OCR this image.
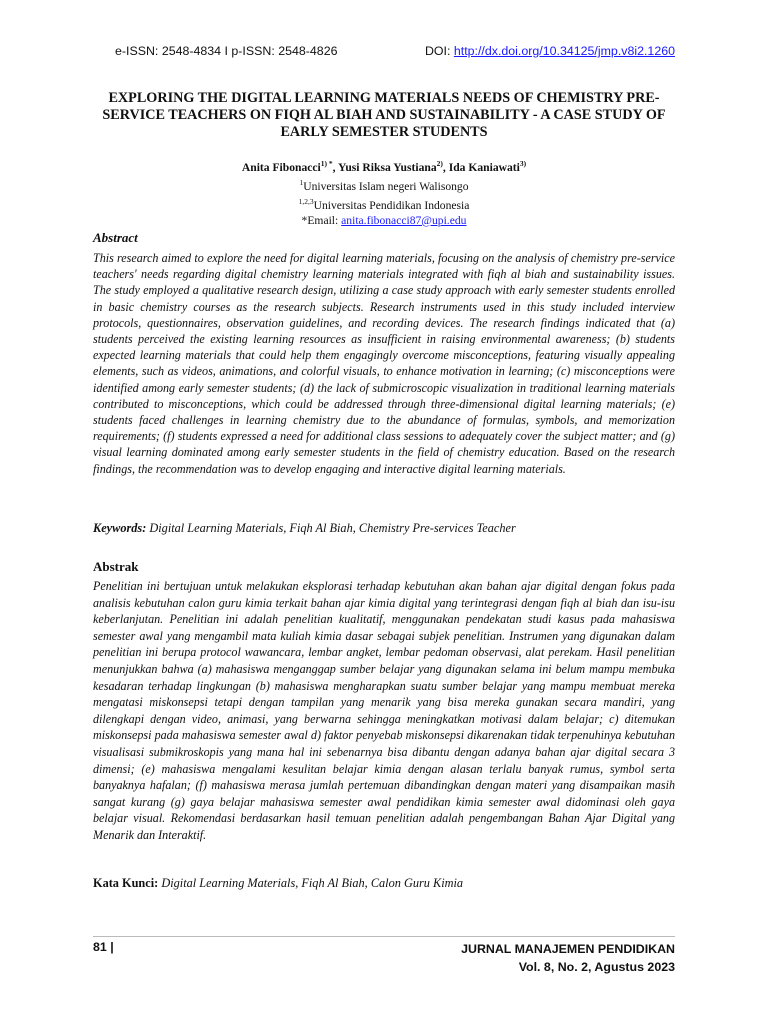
e-ISSN: 2548-4834 I p-ISSN: 2548-4826	DOI: http://dx.doi.org/10.34125/jmp.v8i2.1260
EXPLORING THE DIGITAL LEARNING MATERIALS NEEDS OF CHEMISTRY PRE-SERVICE TEACHERS ON FIQH AL BIAH AND SUSTAINABILITY - A CASE STUDY OF EARLY SEMESTER STUDENTS
Anita Fibonacci$^{1) *}$, Yusi Riksa Yustiana$^{2)}$, Ida Kaniawati$^{3)}$
$^1$Universitas Islam negeri Walisongo
$^{1,2,3}$Universitas Pendidikan Indonesia
*Email: anita.fibonacci87@upi.edu
Abstract
This research aimed to explore the need for digital learning materials, focusing on the analysis of chemistry pre-service teachers' needs regarding digital chemistry learning materials integrated with fiqh al biah and sustainability issues. The study employed a qualitative research design, utilizing a case study approach with early semester students enrolled in basic chemistry courses as the research subjects. Research instruments used in this study included interview protocols, questionnaires, observation guidelines, and recording devices. The research findings indicated that (a) students perceived the existing learning resources as insufficient in raising environmental awareness; (b) students expected learning materials that could help them engagingly overcome misconceptions, featuring visually appealing elements, such as videos, animations, and colorful visuals, to enhance motivation in learning; (c) misconceptions were identified among early semester students; (d) the lack of submicroscopic visualization in traditional learning materials contributed to misconceptions, which could be addressed through three-dimensional digital learning materials; (e) students faced challenges in learning chemistry due to the abundance of formulas, symbols, and memorization requirements; (f) students expressed a need for additional class sessions to adequately cover the subject matter; and (g) visual learning dominated among early semester students in the field of chemistry education. Based on the research findings, the recommendation was to develop engaging and interactive digital learning materials.
Keywords: Digital Learning Materials, Fiqh Al Biah, Chemistry Pre-services Teacher
Abstrak
Penelitian ini bertujuan untuk melakukan eksplorasi terhadap kebutuhan akan bahan ajar digital dengan fokus pada analisis kebutuhan calon guru kimia terkait bahan ajar kimia digital yang terintegrasi dengan fiqh al biah dan isu-isu keberlanjutan. Penelitian ini adalah penelitian kualitatif, menggunakan pendekatan studi kasus pada mahasiswa semester awal yang mengambil mata kuliah kimia dasar sebagai subjek penelitian. Instrumen yang digunakan dalam penelitian ini berupa protocol wawancara, lembar angket, lembar pedoman observasi, alat perekam. Hasil penelitian menunjukkan bahwa (a) mahasiswa menganggap sumber belajar yang digunakan selama ini belum mampu membuka kesadaran terhadap lingkungan (b) mahasiswa mengharapkan suatu sumber belajar yang mampu membuat mereka mengatasi miskonsepsi tetapi dengan tampilan yang menarik yang bisa mereka gunakan secara mandiri, yang dilengkapi dengan video, animasi, yang berwarna sehingga meningkatkan motivasi dalam belajar; c) ditemukan miskonsepsi pada mahasiswa semester awal d) faktor penyebab miskonsepsi dikarenakan tidak terpenuhinya kebutuhan visualisasi submikroskopis yang mana hal ini sebenarnya bisa dibantu dengan adanya bahan ajar digital secara 3 dimensi; (e) mahasiswa mengalami kesulitan belajar kimia dengan alasan terlalu banyak rumus, symbol serta banyaknya hafalan; (f) mahasiswa merasa jumlah pertemuan dibandingkan dengan materi yang disampaikan masih sangat kurang (g) gaya belajar mahasiswa semester awal pendidikan kimia semester awal didominasi oleh gaya belajar visual. Rekomendasi berdasarkan hasil temuan penelitian adalah pengembangan Bahan Ajar Digital yang Menarik dan Interaktif.
Kata Kunci: Digital Learning Materials, Fiqh Al Biah, Calon Guru Kimia
81 |	JURNAL MANAJEMEN PENDIDIKAN
Vol. 8, No. 2, Agustus 2023
